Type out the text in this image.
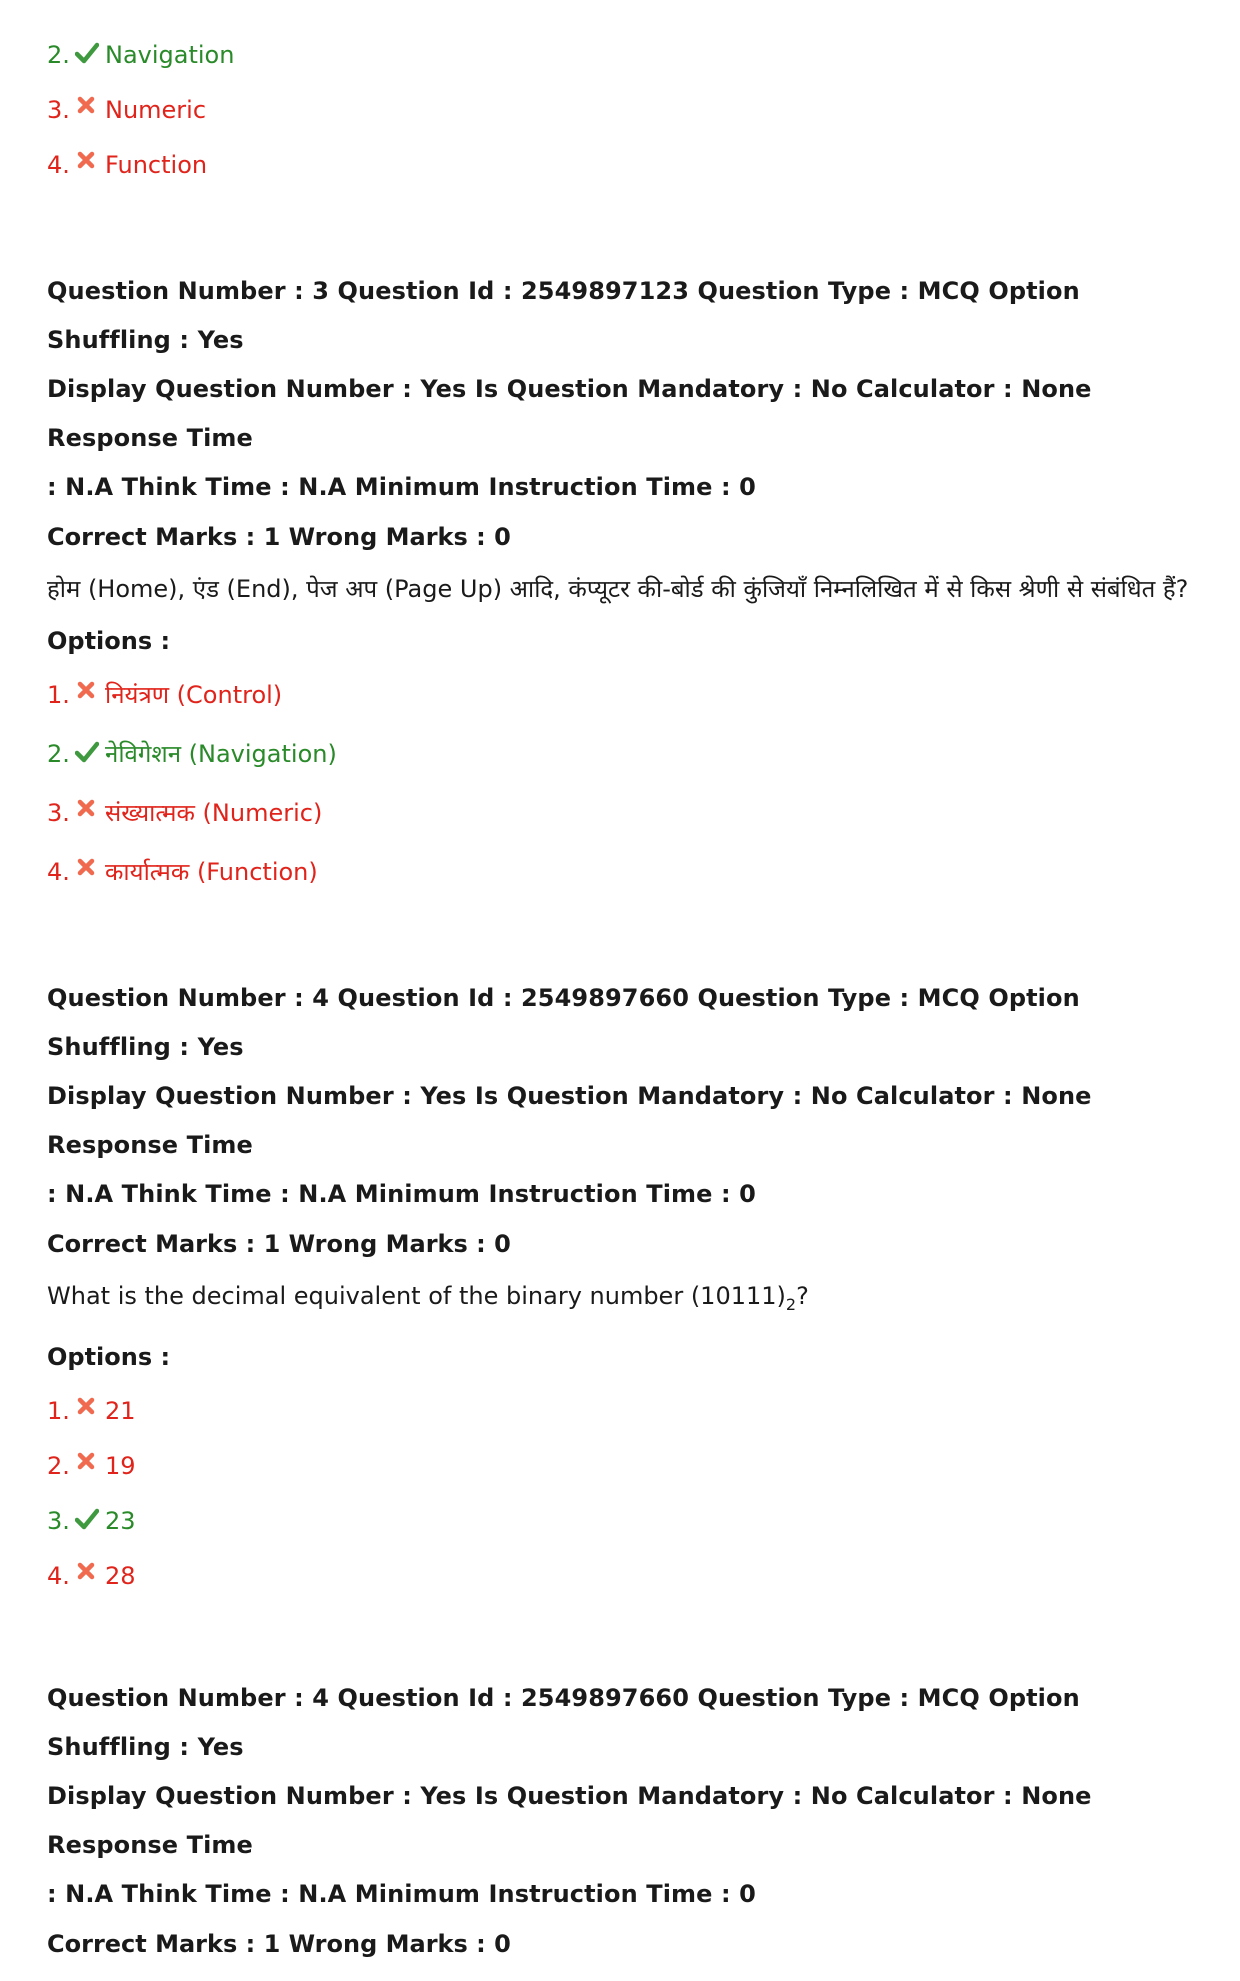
2. Navigation
3. Numeric
4. Function
Question Number : 3 Question Id : 2549897123 Question Type : MCQ Option Shuffling : Yes
Display Question Number : Yes Is Question Mandatory : No Calculator : None Response Time
: N.A Think Time : N.A Minimum Instruction Time : 0
Correct Marks : 1 Wrong Marks : 0
होम (Home), एंड (End), पेज अप (Page Up) आदि, कंप्यूटर की-बोर्ड की कुंजियाँ निम्नलिखित में से किस श्रेणी से संबंधित हैं?
Options :
1. नियंत्रण (Control)
2. नेविगेशन (Navigation)
3. संख्यात्मक (Numeric)
4. कार्यात्मक (Function)
Question Number : 4 Question Id : 2549897660 Question Type : MCQ Option Shuffling : Yes
Display Question Number : Yes Is Question Mandatory : No Calculator : None Response Time
: N.A Think Time : N.A Minimum Instruction Time : 0
Correct Marks : 1 Wrong Marks : 0
What is the decimal equivalent of the binary number $(10111)_2$?
Options :
1. 21
2. 19
3. 23
4. 28
Question Number : 4 Question Id : 2549897660 Question Type : MCQ Option Shuffling : Yes
Display Question Number : Yes Is Question Mandatory : No Calculator : None Response Time
: N.A Think Time : N.A Minimum Instruction Time : 0
Correct Marks : 1 Wrong Marks : 0
